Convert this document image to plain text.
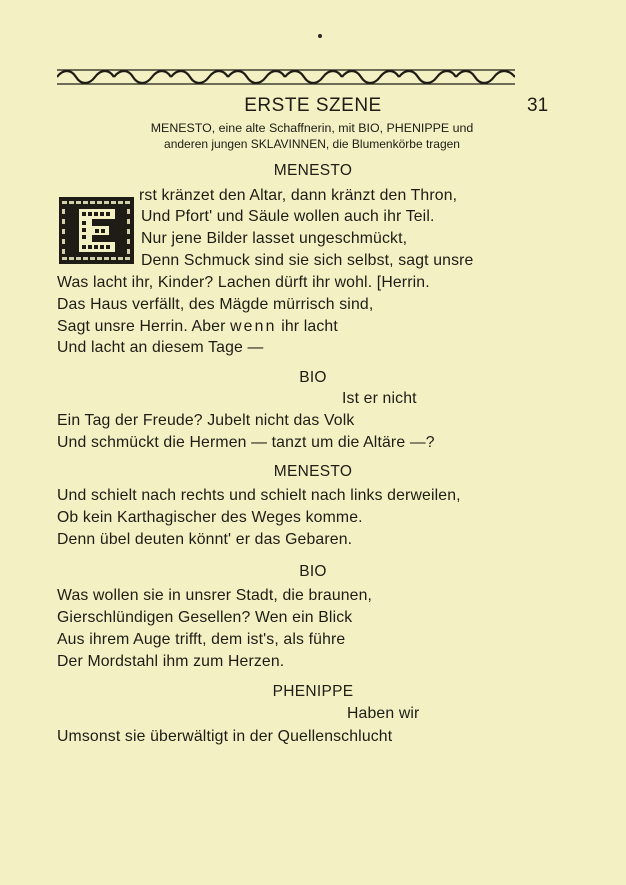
ERSTE SZENE	31
MENESTO, eine alte Schaffnerin, mit BIO, PHENIPPE und
anderen jungen SKLAVINNEN, die Blumenkörbe tragen
MENESTO
rst kränzet den Altar, dann kränzt den Thron,
Und Pfort' und Säule wollen auch ihr Teil.
Nur jene Bilder lasset ungeschmückt,
Denn Schmuck sind sie sich selbst, sagt unsre
Was lacht ihr, Kinder? Lachen dürft ihr wohl. [Herrin.
Das Haus verfällt, des Mägde mürrisch sind,
Sagt unsre Herrin. Aber wenn ihr lacht
Und lacht an diesem Tage —
BIO
Ist er nicht
Ein Tag der Freude? Jubelt nicht das Volk
Und schmückt die Hermen — tanzt um die Altäre —?
MENESTO
Und schielt nach rechts und schielt nach links derweilen,
Ob kein Karthagischer des Weges komme.
Denn übel deuten könnt' er das Gebaren.
BIO
Was wollen sie in unsrer Stadt, die braunen,
Gierschlündigen Gesellen? Wen ein Blick
Aus ihrem Auge trifft, dem ist's, als führe
Der Mordstahl ihm zum Herzen.
PHENIPPE
Haben wir
Umsonst sie überwältigt in der Quellenschlucht
